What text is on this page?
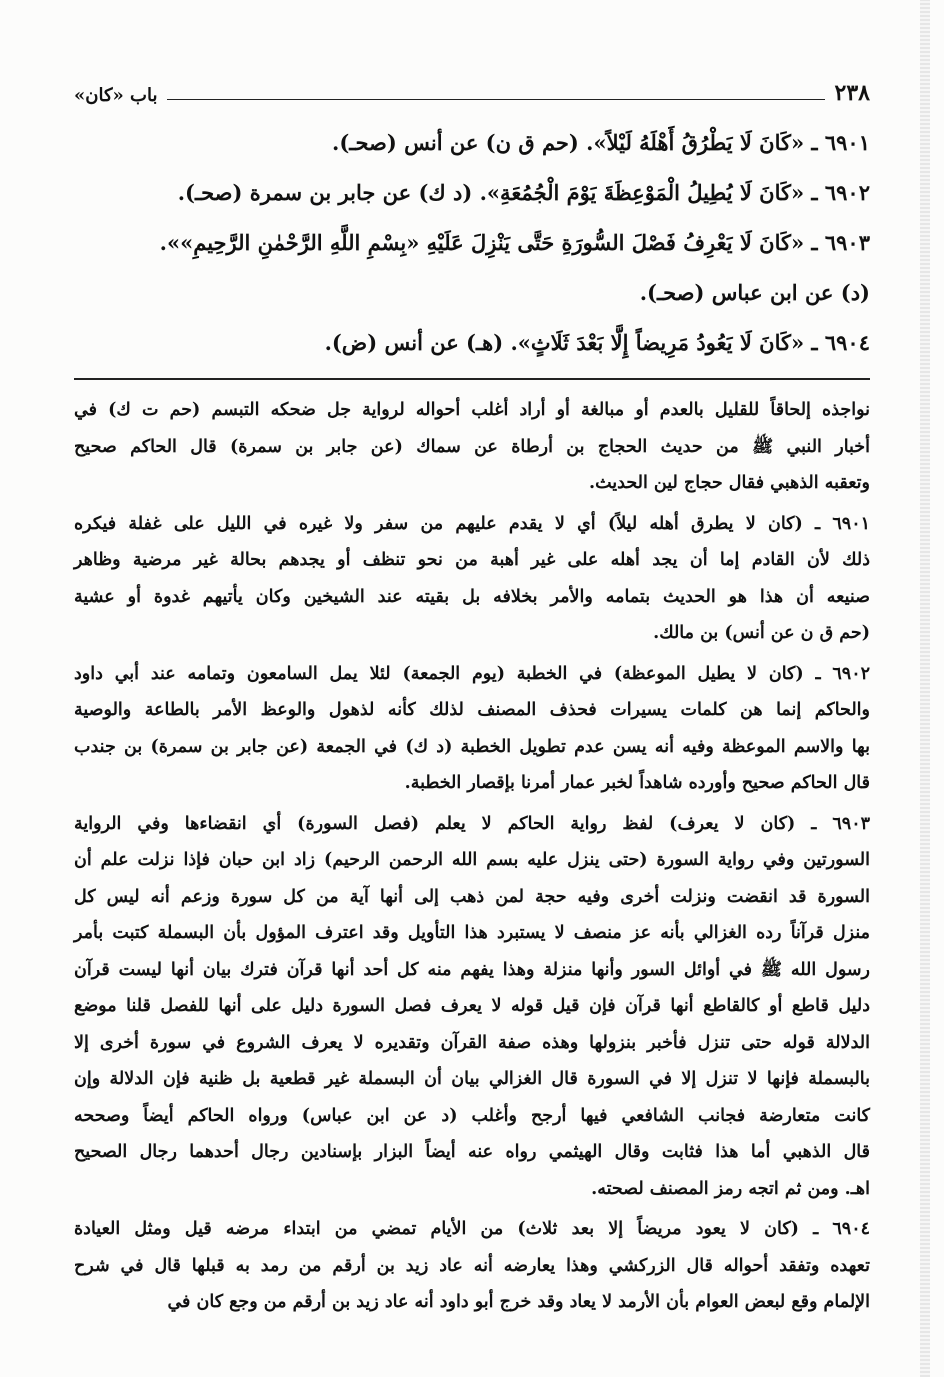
٢٣٨
باب «كان»
٦٩٠١ ـ «كَانَ لَا يَطْرُقُ أَهْلَهُ لَيْلاً». (حم ق ن) عن أنس (صحـ).
٦٩٠٢ ـ «كَانَ لَا يُطِيلُ الْمَوْعِظَةَ يَوْمَ الْجُمُعَةِ». (د ك) عن جابر بن سمرة (صحـ).
٦٩٠٣ ـ «كَانَ لَا يَعْرِفُ فَصْلَ السُّورَةِ حَتَّى يَنْزِلَ عَلَيْهِ «بِسْمِ اللَّهِ الرَّحْمٰنِ الرَّحِيمِ»».
(د) عن ابن عباس (صحـ).
٦٩٠٤ ـ «كَانَ لَا يَعُودُ مَرِيضاً إِلَّا بَعْدَ ثَلَاثٍ». (هـ) عن أنس (ض).
نواجذه إلحاقاً للقليل بالعدم أو مبالغة أو أراد أغلب أحواله لرواية جل ضحكه التبسم (حم ت ك) في
أخبار النبي ﷺ من حديث الحجاج بن أرطاة عن سماك (عن جابر بن سمرة) قال الحاكم صحيح
وتعقبه الذهبي فقال حجاج لين الحديث.
٦٩٠١ ـ (كان لا يطرق أهله ليلاً) أي لا يقدم عليهم من سفر ولا غيره في الليل على غفلة فيكره
ذلك لأن القادم إما أن يجد أهله على غير أهبة من نحو تنظف أو يجدهم بحالة غير مرضية وظاهر
صنيعه أن هذا هو الحديث بتمامه والأمر بخلافه بل بقيته عند الشيخين وكان يأتيهم غدوة أو عشية
(حم ق ن عن أنس) بن مالك.
٦٩٠٢ ـ (كان لا يطيل الموعظة) في الخطبة (يوم الجمعة) لئلا يمل السامعون وتمامه عند أبي داود
والحاكم إنما هن كلمات يسيرات فحذف المصنف لذلك كأنه لذهول والوعظ الأمر بالطاعة والوصية
بها والاسم الموعظة وفيه أنه يسن عدم تطويل الخطبة (د ك) في الجمعة (عن جابر بن سمرة) بن جندب
قال الحاكم صحيح وأورده شاهداً لخبر عمار أمرنا بإقصار الخطبة.
٦٩٠٣ ـ (كان لا يعرف) لفظ رواية الحاكم لا يعلم (فصل السورة) أي انقضاءها وفي الرواية
السورتين وفي رواية السورة (حتى ينزل عليه بسم الله الرحمن الرحيم) زاد ابن حبان فإذا نزلت علم أن
السورة قد انقضت ونزلت أخرى وفيه حجة لمن ذهب إلى أنها آية من كل سورة وزعم أنه ليس كل
منزل قرآناً رده الغزالي بأنه عز منصف لا يستبرد هذا التأويل وقد اعترف المؤول بأن البسملة كتبت بأمر
رسول الله ﷺ في أوائل السور وأنها منزلة وهذا يفهم منه كل أحد أنها قرآن فترك بيان أنها ليست قرآن
دليل قاطع أو كالقاطع أنها قرآن فإن قيل قوله لا يعرف فصل السورة دليل على أنها للفصل قلنا موضع
الدلالة قوله حتى تنزل فأخبر بنزولها وهذه صفة القرآن وتقديره لا يعرف الشروع في سورة أخرى إلا
بالبسملة فإنها لا تنزل إلا في السورة قال الغزالي بيان أن البسملة غير قطعية بل ظنية فإن الدلالة وإن
كانت متعارضة فجانب الشافعي فيها أرجح وأغلب (د عن ابن عباس) ورواه الحاكم أيضاً وصححه
قال الذهبي أما هذا فثابت وقال الهيثمي رواه عنه أيضاً البزار بإسنادين رجال أحدهما رجال الصحيح
اهـ. ومن ثم اتجه رمز المصنف لصحته.
٦٩٠٤ ـ (كان لا يعود مريضاً إلا بعد ثلاث) من الأيام تمضي من ابتداء مرضه قيل ومثل العيادة
تعهده وتفقد أحواله قال الزركشي وهذا يعارضه أنه عاد زيد بن أرقم من رمد به قبلها قال في شرح
الإلمام وقع لبعض العوام بأن الأرمد لا يعاد وقد خرج أبو داود أنه عاد زيد بن أرقم من وجع كان في
